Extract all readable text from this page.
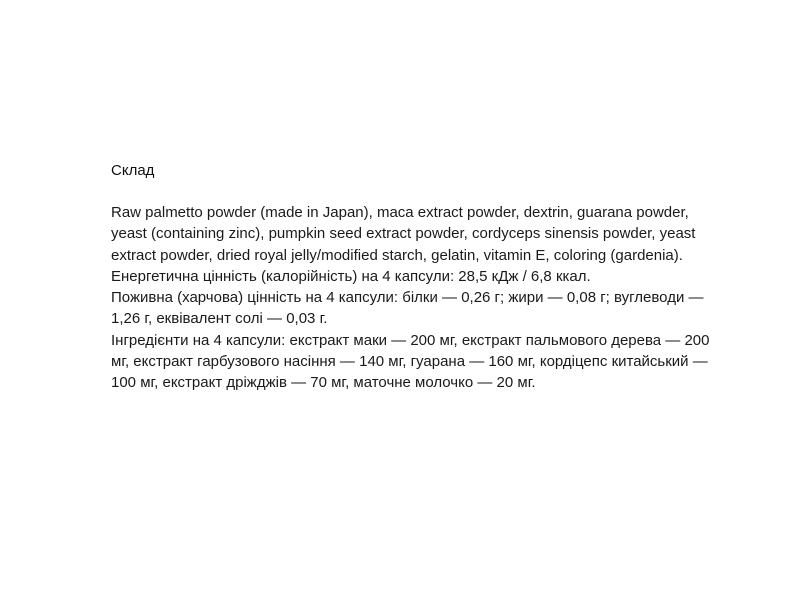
Склад

Raw palmetto powder (made in Japan), maca extract powder, dextrin, guarana powder, yeast (containing zinc), pumpkin seed extract powder, cordyceps sinensis powder, yeast extract powder, dried royal jelly/modified starch, gelatin, vitamin E, coloring (gardenia).

Енергетична цінність (калорійність) на 4 капсули: 28,5 кДж / 6,8 ккал.

Поживна (харчова) цінність на 4 капсули: білки — 0,26 г; жири — 0,08 г; вуглеводи — 1,26 г, еквівалент солі — 0,03 г.

Інгредієнти на 4 капсули: екстракт маки — 200 мг, екстракт пальмового дерева — 200 мг, екстракт гарбузового насіння — 140 мг, гуарана — 160 мг, кордіцепс китайський — 100 мг, екстракт дріжджів — 70 мг, маточне молочко — 20 мг.
